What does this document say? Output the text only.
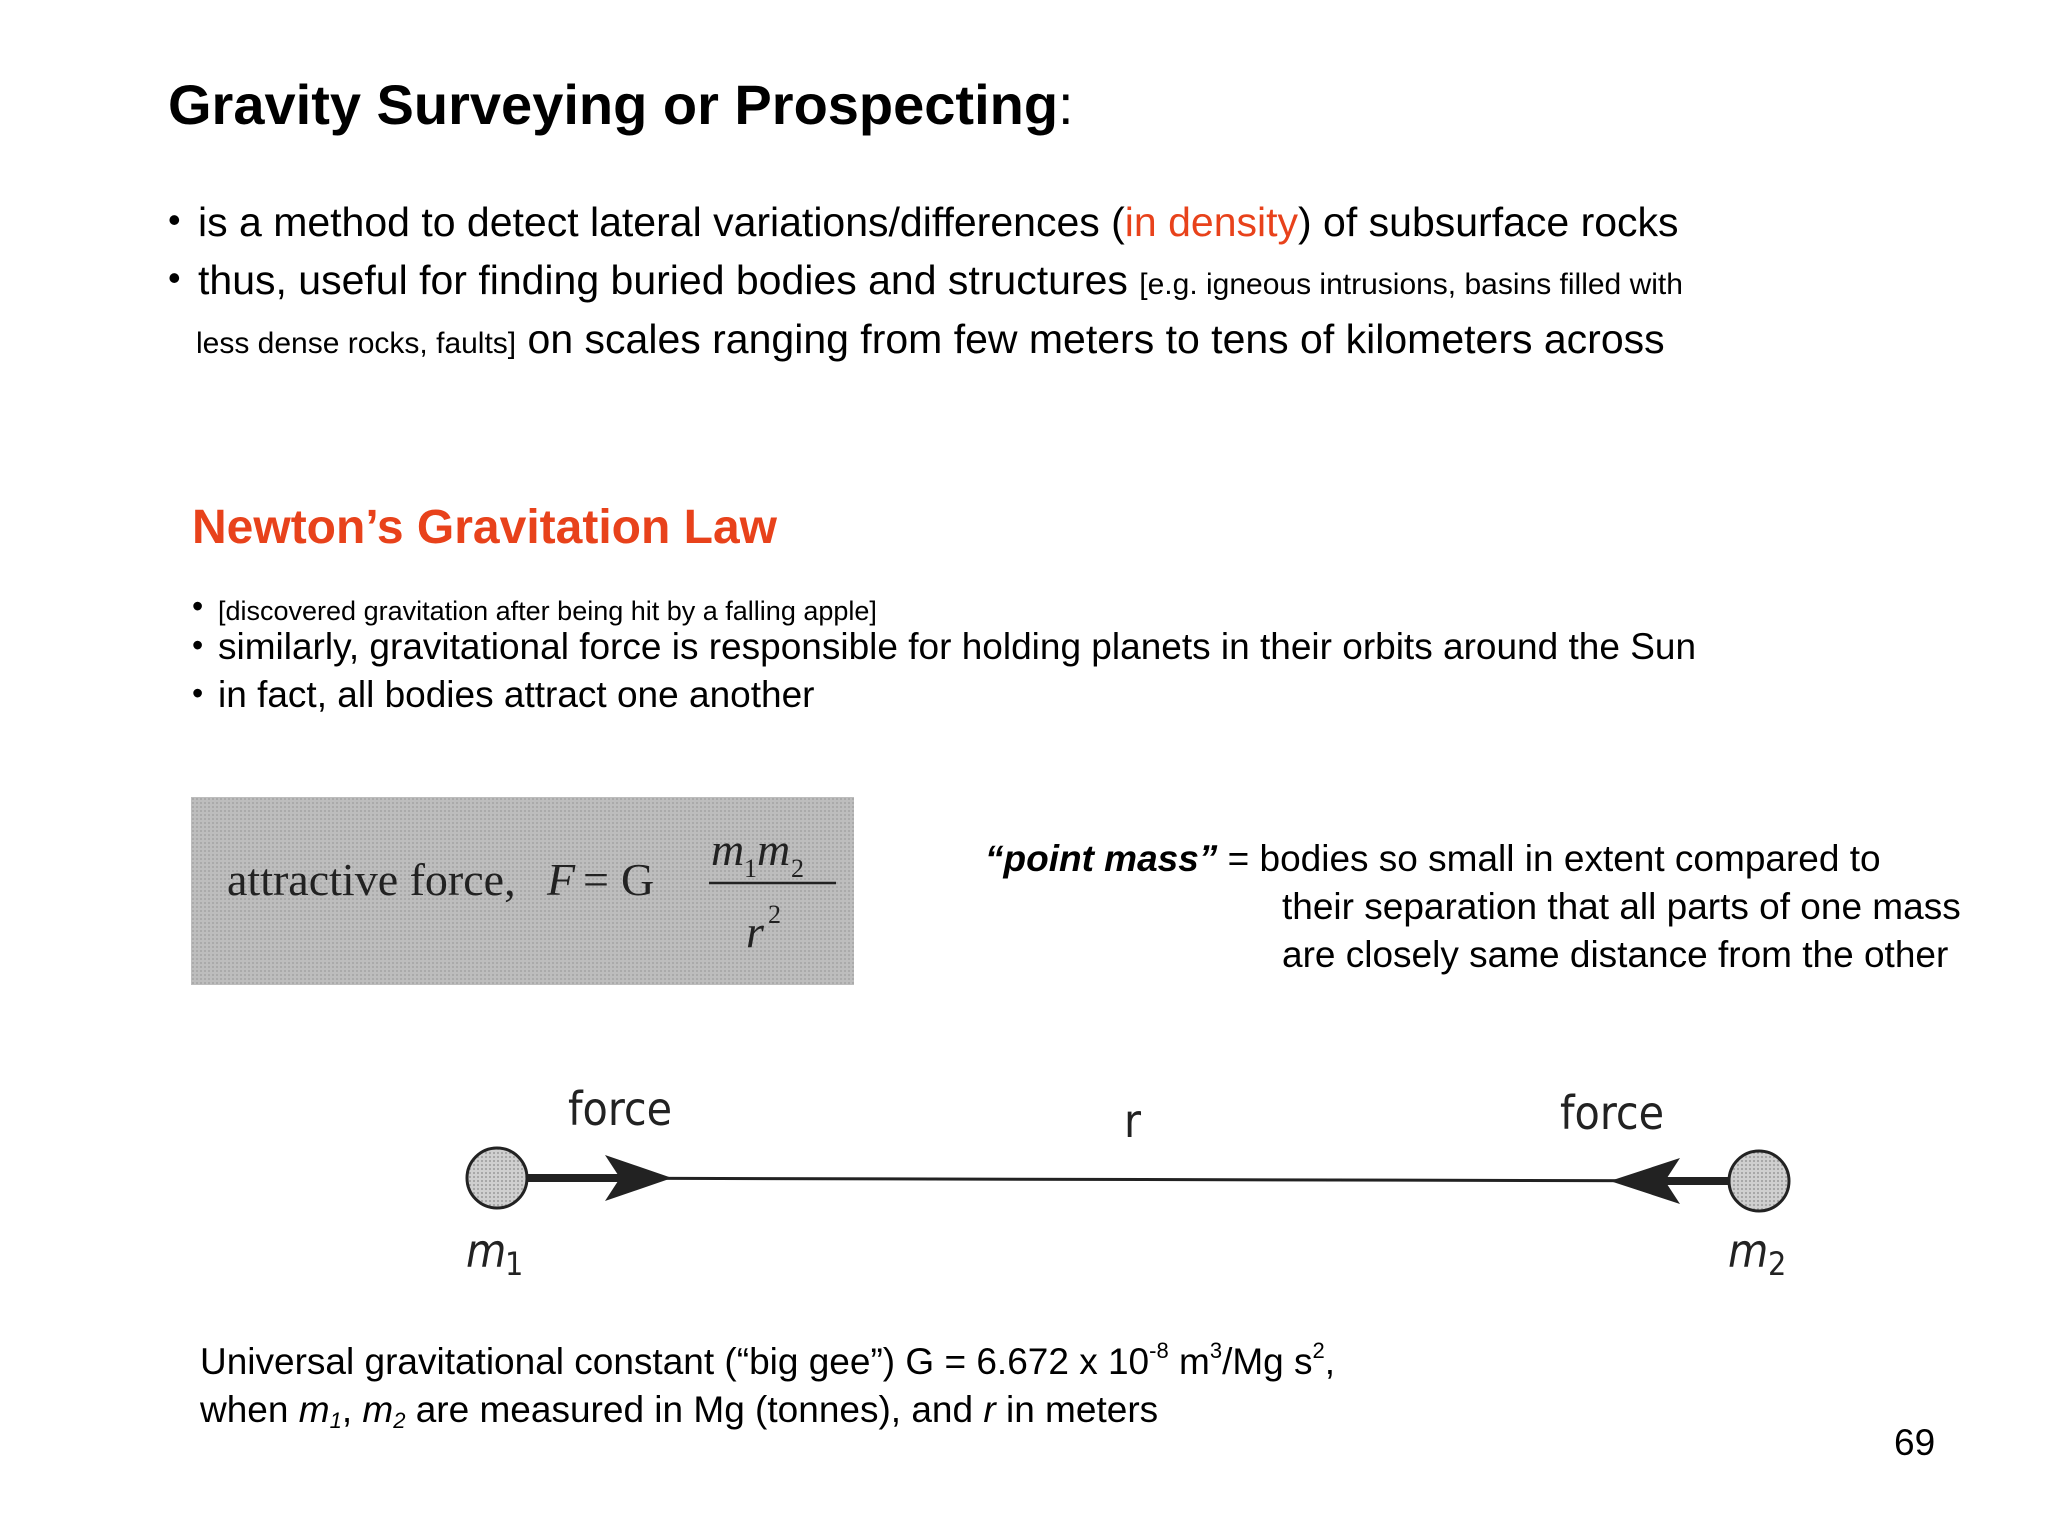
Gravity Surveying or Prospecting:
• is a method to detect lateral variations/differences (in density) of subsurface rocks
• thus, useful for finding buried bodies and structures [e.g. igneous intrusions, basins filled with
less dense rocks, faults] on scales ranging from few meters to tens of kilometers across
Newton’s Gravitation Law
• [discovered gravitation after being hit by a falling apple]
• similarly, gravitational force is responsible for holding planets in their orbits around the Sun
• in fact, all bodies attract one another
attractive force, F = G
m 1 m 2
r 2
“point mass” = bodies so small in extent compared to
their separation that all parts of one mass
are closely same distance from the other
force	r	force
m
1	m 2
Universal gravitational constant (“big gee”) G = 6.672 x $10^{-8}$ $m^3/Mg$ $s^2$,
when $m_1$, $m_2$ are measured in Mg (tonnes), and r in meters
69
